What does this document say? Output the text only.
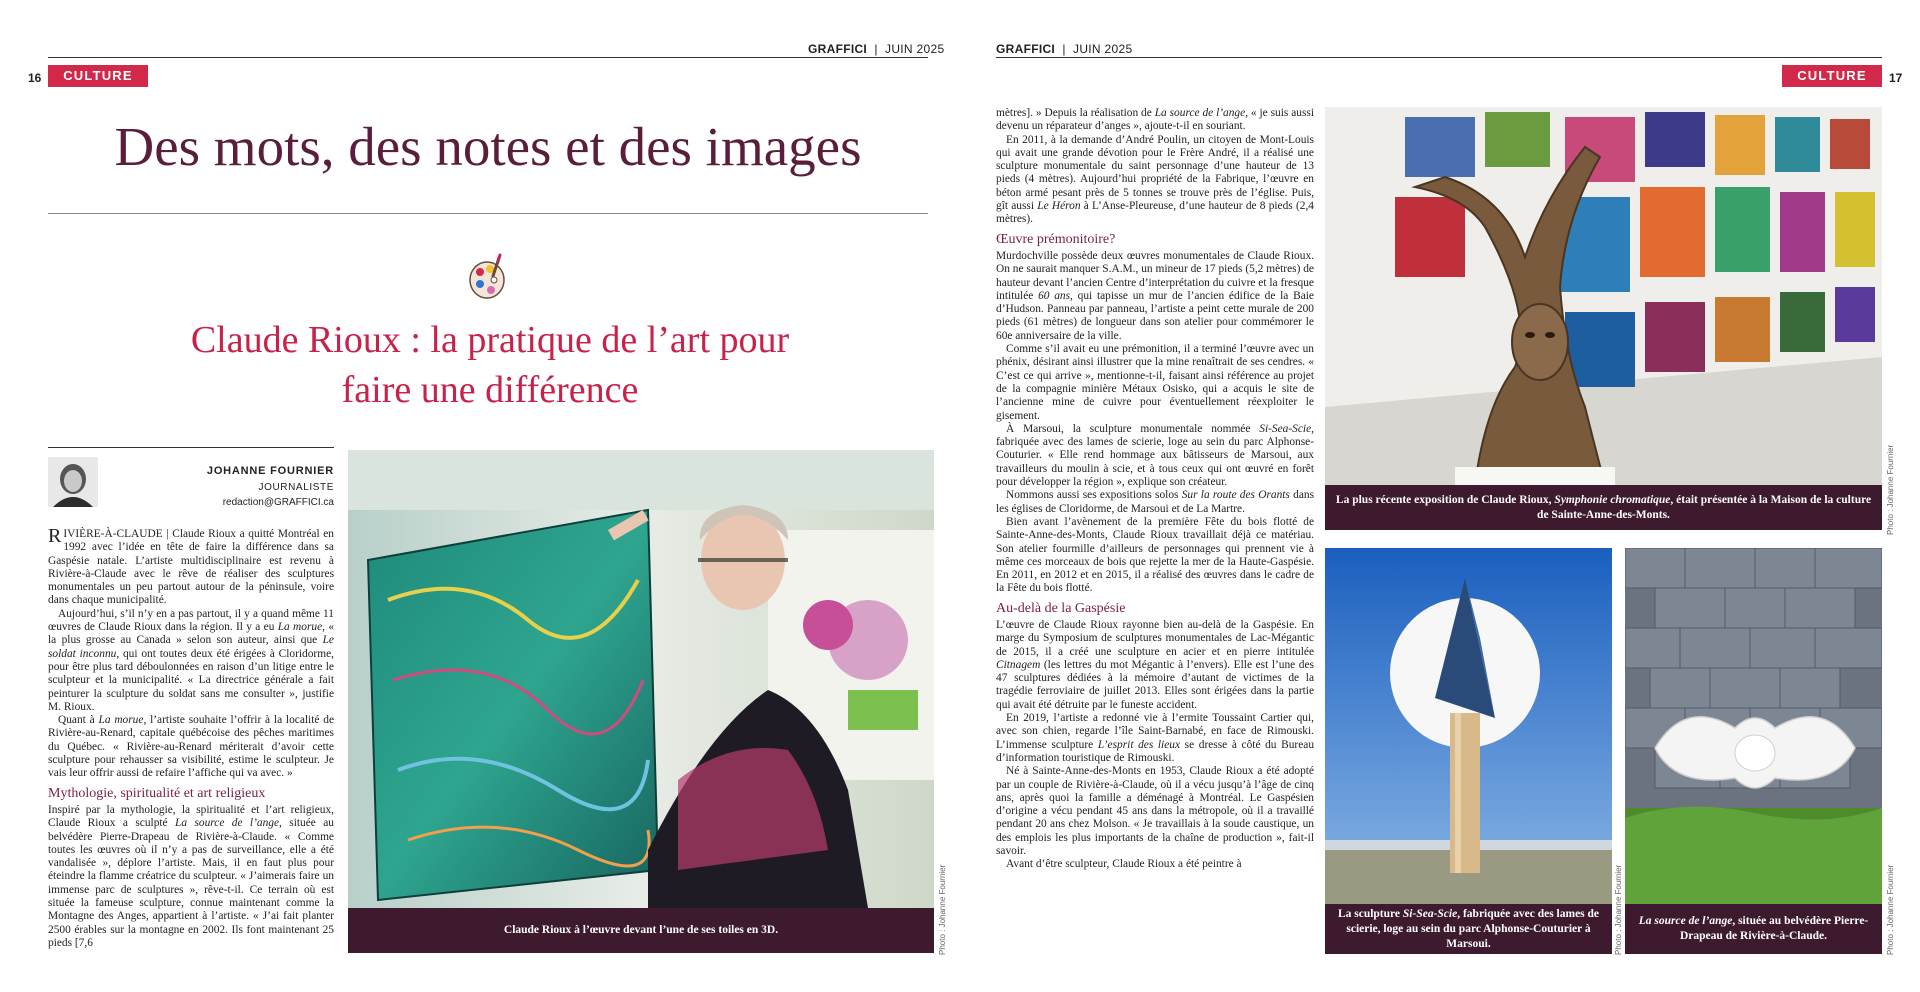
GRAFFICI  |  JUIN 2025
16	CULTURE
GRAFFICI  |  JUIN 2025
CULTURE	17
Des mots, des notes et des images
Claude Rioux : la pratique de l’art pour
faire une différence
JOHANNE FOURNIER
JOURNALISTE
redaction@GRAFFICI.ca

RIVIÈRE-À-CLAUDE | Claude Rioux a quitté Montréal en 1992 avec l’idée en tête de faire la différence dans sa Gaspésie natale. L’artiste multidisciplinaire est revenu à Rivière-à-Claude avec le rêve de réaliser des sculptures monumentales un peu partout autour de la péninsule, voire dans chaque municipalité.

Aujourd’hui, s’il n’y en a pas partout, il y a quand même 11 œuvres de Claude Rioux dans la région. Il y a eu La morue, « la plus grosse au Canada » selon son auteur, ainsi que Le soldat inconnu, qui ont toutes deux été érigées à Cloridorme, pour être plus tard déboulonnées en raison d’un litige entre le sculpteur et la municipalité. « La directrice générale a fait peinturer la sculpture du soldat sans me consulter », justifie M. Rioux.

Quant à La morue, l’artiste souhaite l’offrir à la localité de Rivière-au-Renard, capitale québécoise des pêches maritimes du Québec. « Rivière-au-Renard mériterait d’avoir cette sculpture pour rehausser sa visibilité, estime le sculpteur. Je vais leur offrir aussi de refaire l’affiche qui va avec. »

Mythologie, spiritualité et art religieux

Inspiré par la mythologie, la spiritualité et l’art religieux, Claude Rioux a sculpté La source de l’ange, située au belvédère Pierre-Drapeau de Rivière-à-Claude. « Comme toutes les œuvres où il n’y a pas de surveillance, elle a été vandalisée », déplore l’artiste. Mais, il en faut plus pour éteindre la flamme créatrice du sculpteur. « J’aimerais faire un immense parc de sculptures », rêve-t-il. Ce terrain où est située la fameuse sculpture, connue maintenant comme la Montagne des Anges, appartient à l’artiste. « J’ai fait planter 2500 érables sur la montagne en 2002. Ils font maintenant 25 pieds [7,6

Claude Rioux à l’œuvre devant l’une de ses toiles en 3D.	Photo : Johanne Fournier

mètres]. » Depuis la réalisation de La source de l’ange, « je suis aussi devenu un réparateur d’anges », ajoute-t-il en souriant.

En 2011, à la demande d’André Poulin, un citoyen de Mont-Louis qui avait une grande dévotion pour le Frère André, il a réalisé une sculpture monumentale du saint personnage d’une hauteur de 13 pieds (4 mètres). Aujourd’hui propriété de la Fabrique, l’œuvre en béton armé pesant près de 5 tonnes se trouve près de l’église. Puis, gît aussi Le Héron à L’Anse-Pleureuse, d’une hauteur de 8 pieds (2,4 mètres).

Œuvre prémonitoire?

Murdochville possède deux œuvres monumentales de Claude Rioux. On ne saurait manquer S.A.M., un mineur de 17 pieds (5,2 mètres) de hauteur devant l’ancien Centre d’interprétation du cuivre et la fresque intitulée 60 ans, qui tapisse un mur de l’ancien édifice de la Baie d’Hudson. Panneau par panneau, l’artiste a peint cette murale de 200 pieds (61 mètres) de longueur dans son atelier pour commémorer le 60e anniversaire de la ville.

Comme s’il avait eu une prémonition, il a terminé l’œuvre avec un phénix, désirant ainsi illustrer que la mine renaîtrait de ses cendres. « C’est ce qui arrive », mentionne-t-il, faisant ainsi référence au projet de la compagnie minière Métaux Osisko, qui a acquis le site de l’ancienne mine de cuivre pour éventuellement réexploiter le gisement.

À Marsoui, la sculpture monumentale nommée Si-Sea-Scie, fabriquée avec des lames de scierie, loge au sein du parc Alphonse-Couturier. « Elle rend hommage aux bâtisseurs de Marsoui, aux travailleurs du moulin à scie, et à tous ceux qui ont œuvré en forêt pour développer la région », explique son créateur.

Nommons aussi ses expositions solos Sur la route des Orants dans les églises de Cloridorme, de Marsoui et de La Martre.

Bien avant l’avènement de la première Fête du bois flotté de Sainte-Anne-des-Monts, Claude Rioux travaillait déjà ce matériau. Son atelier fourmille d’ailleurs de personnages qui prennent vie à même ces morceaux de bois que rejette la mer de la Haute-Gaspésie. En 2011, en 2012 et en 2015, il a réalisé des œuvres dans le cadre de la Fête du bois flotté.

Au-delà de la Gaspésie

L’œuvre de Claude Rioux rayonne bien au-delà de la Gaspésie. En marge du Symposium de sculptures monumentales de Lac-Mégantic de 2015, il a créé une sculpture en acier et en pierre intitulée Citnagem (les lettres du mot Mégantic à l’envers). Elle est l’une des 47 sculptures dédiées à la mémoire d’autant de victimes de la tragédie ferroviaire de juillet 2013. Elles sont érigées dans la partie qui avait été détruite par le funeste accident.

En 2019, l’artiste a redonné vie à l’ermite Toussaint Cartier qui, avec son chien, regarde l’île Saint-Barnabé, en face de Rimouski. L’immense sculpture L’esprit des lieux se dresse à côté du Bureau d’information touristique de Rimouski.

Né à Sainte-Anne-des-Monts en 1953, Claude Rioux a été adopté par un couple de Rivière-à-Claude, où il a vécu jusqu’à l’âge de cinq ans, après quoi la famille a déménagé à Montréal. Le Gaspésien d’origine a vécu pendant 45 ans dans la métropole, où il a travaillé pendant 20 ans chez Molson. « Je travaillais à la soude caustique, un des emplois les plus importants de la chaîne de production », fait-il savoir.

Avant d’être sculpteur, Claude Rioux a été peintre à

La plus récente exposition de Claude Rioux, Symphonie chromatique, était présentée à la Maison de la culture de Sainte-Anne-des-Monts.	Photo : Johanne Fournier
La sculpture Si-Sea-Scie, fabriquée avec des lames de scierie, loge au sein du parc Alphonse-Couturier à Marsoui.	Photo : Johanne Fournier	La source de l’ange, située au belvédère Pierre-Drapeau de Rivière-à-Claude.	Photo : Johanne Fournier
